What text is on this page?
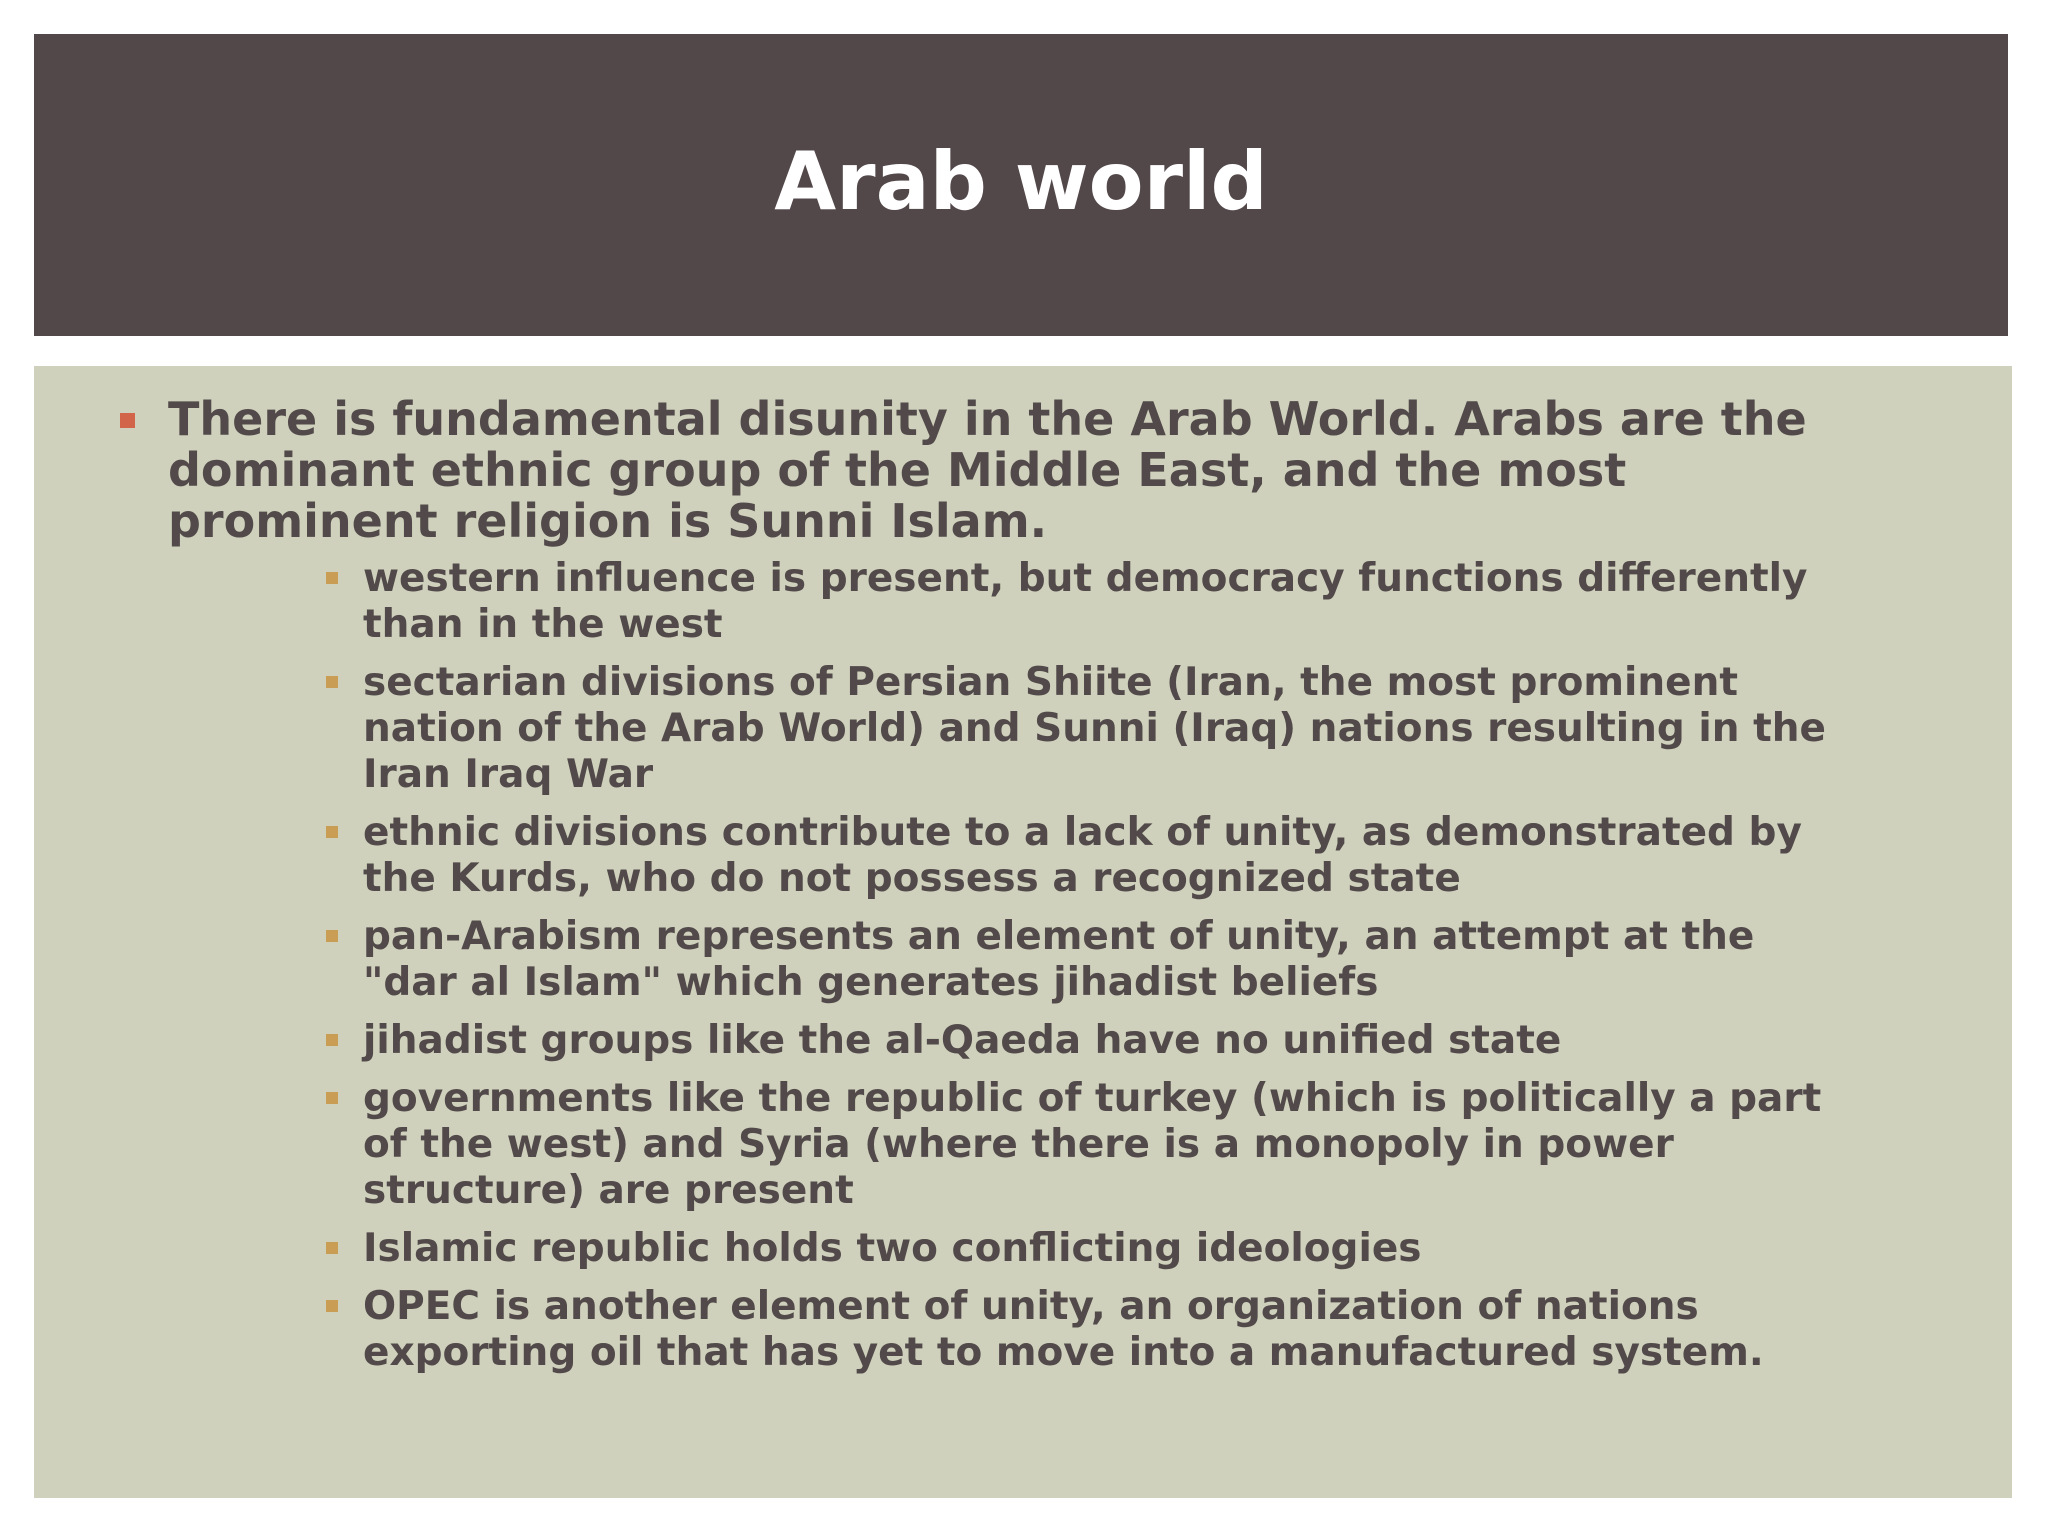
Arab world
There is fundamental disunity in the Arab World. Arabs are the dominant ethnic group of the Middle East, and the most prominent religion is Sunni Islam.
western influence is present, but democracy functions differently than in the west
sectarian divisions of Persian Shiite (Iran, the most prominent nation of the Arab World) and Sunni (Iraq) nations resulting in the Iran Iraq War
ethnic divisions contribute to a lack of unity, as demonstrated by the Kurds, who do not possess a recognized state
pan-Arabism represents an element of unity, an attempt at the "dar al Islam" which generates jihadist beliefs
jihadist groups like the al-Qaeda have no unified state
governments like the republic of turkey (which is politically a part of the west) and Syria (where there is a monopoly in power structure) are present
Islamic republic holds two conflicting ideologies
OPEC is another element of unity, an organization of nations exporting oil that has yet to move into a manufactured system.
